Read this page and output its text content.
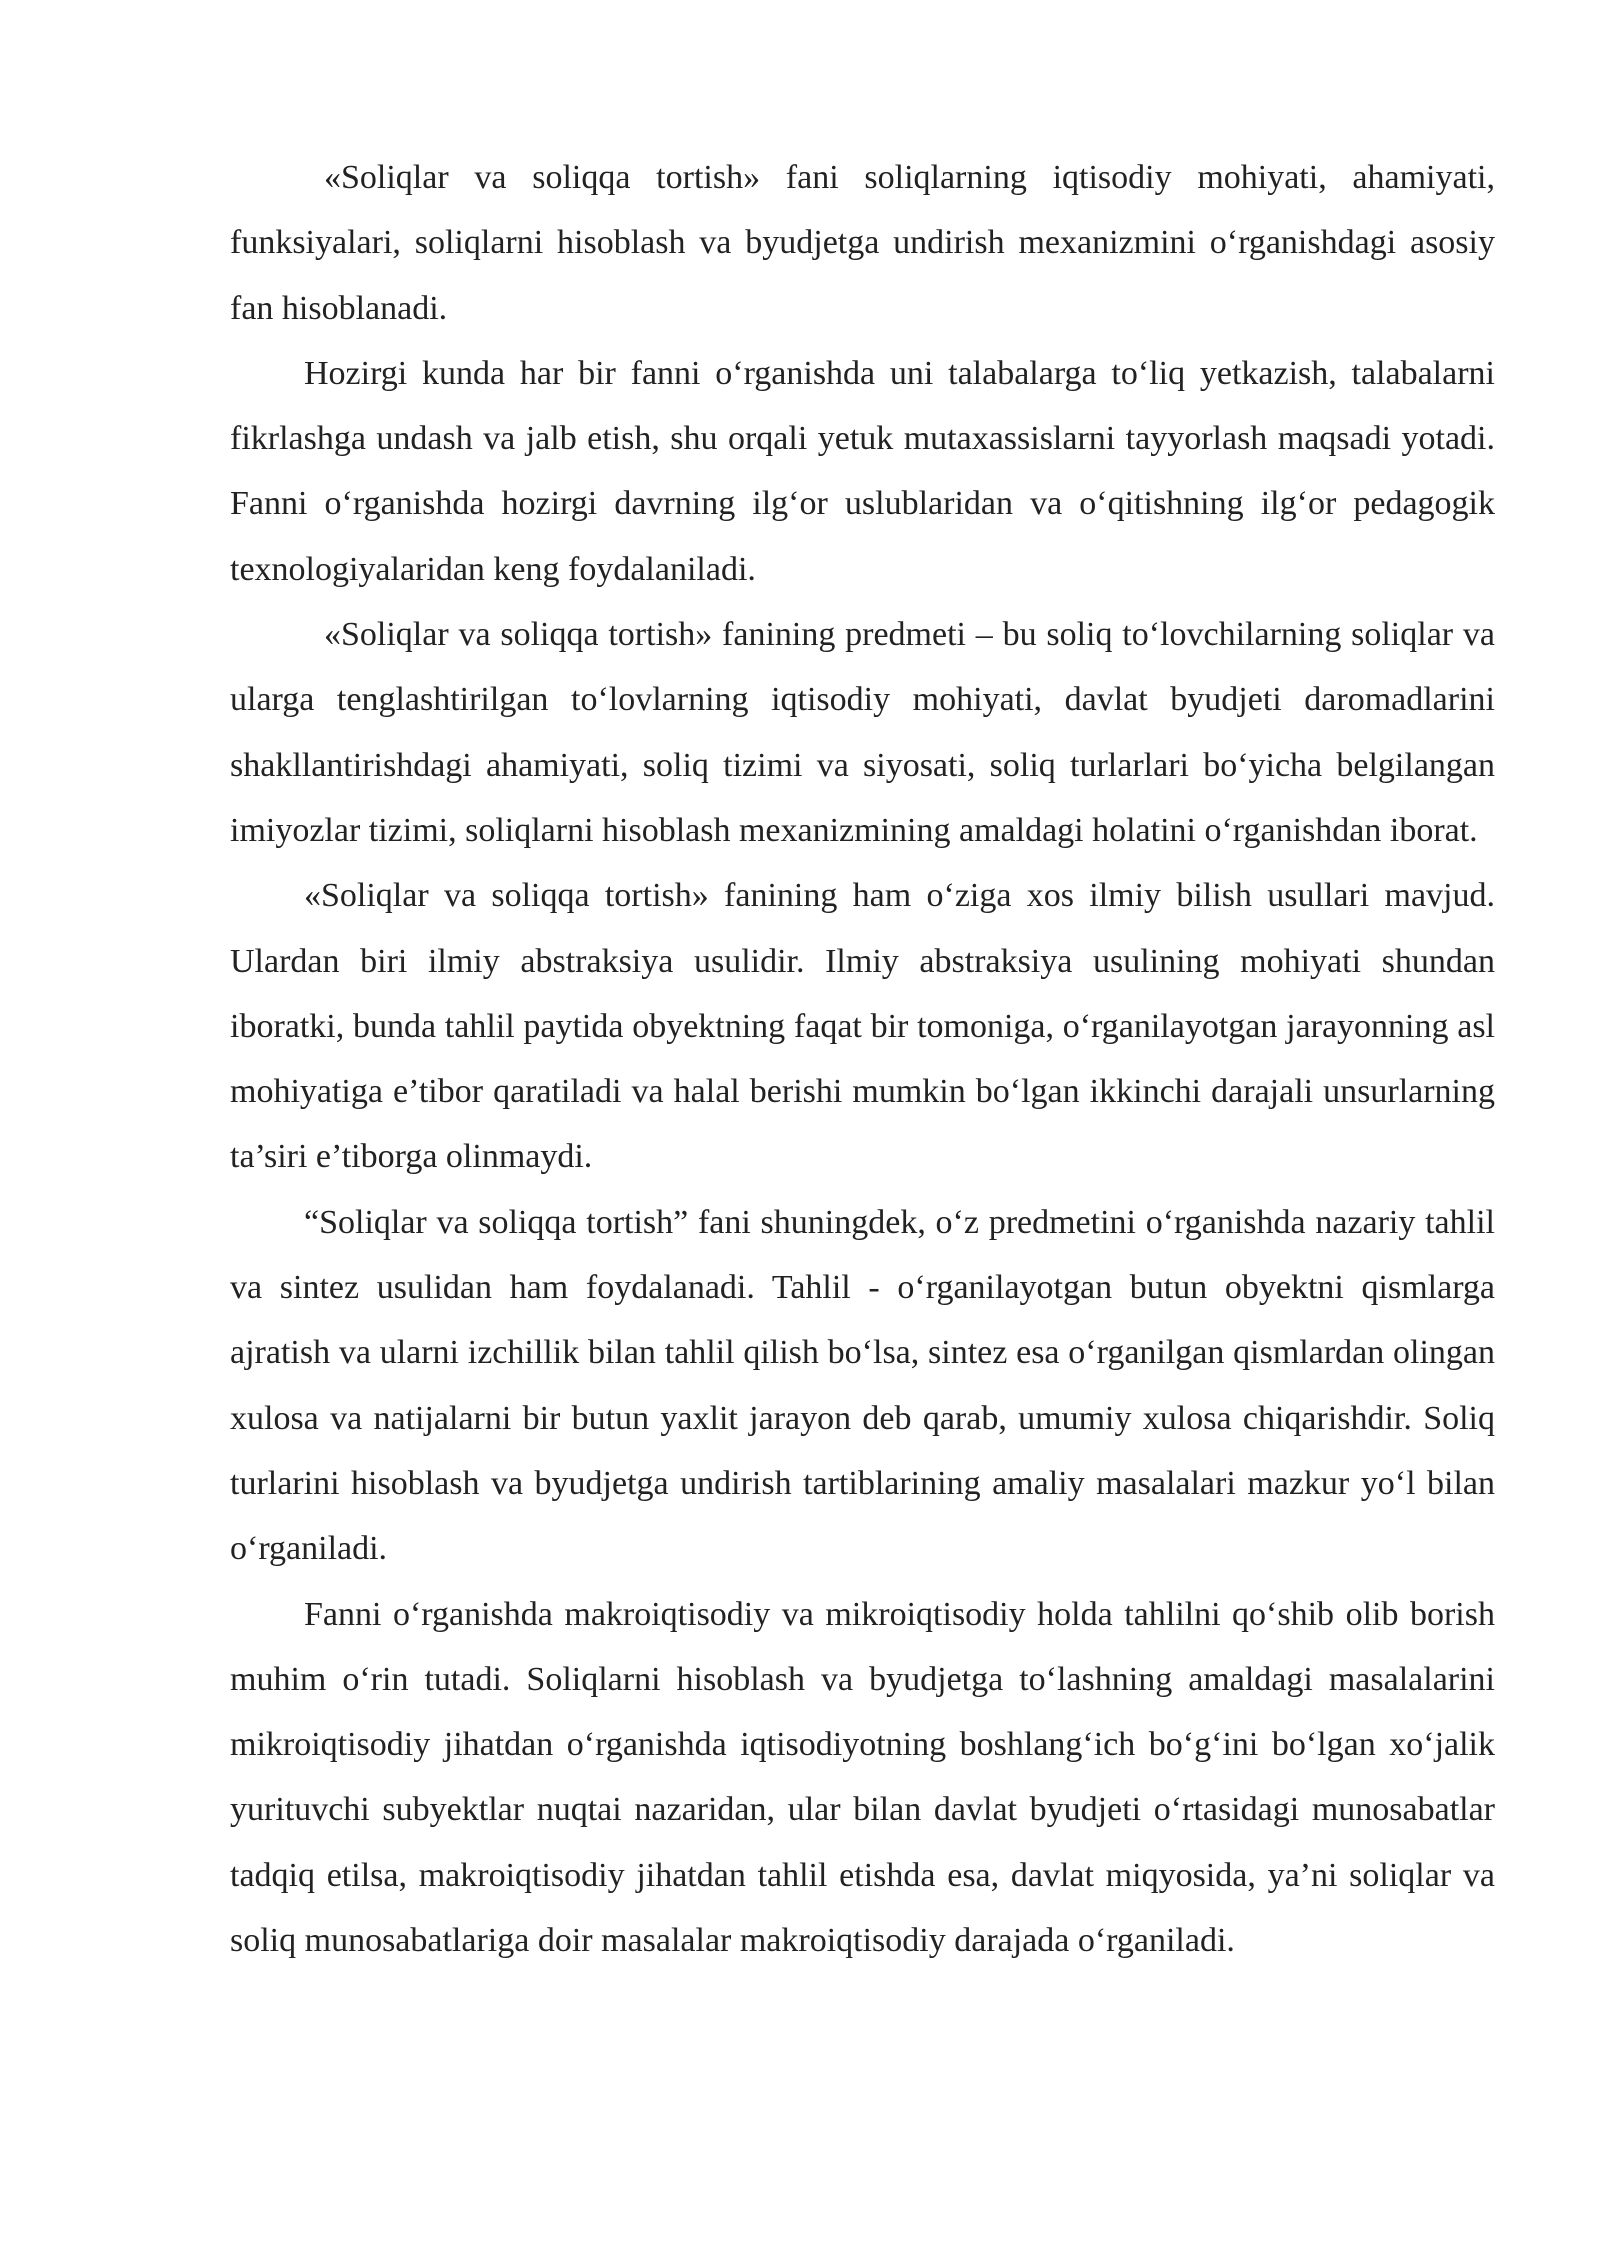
«Soliqlar va soliqqa tortish» fani soliqlarning iqtisodiy mohiyati, ahamiyati, funksiyalari, soliqlarni hisoblash va byudjetga undirish mexanizmini o‘rganishdagi asosiy fan hisoblanadi.

Hozirgi kunda har bir fanni o‘rganishda uni talabalarga to‘liq yetkazish, talabalarni fikrlashga undash va jalb etish, shu orqali yetuk mutaxassislarni tayyorlash maqsadi yotadi. Fanni o‘rganishda hozirgi davrning ilg‘or uslublaridan va o‘qitishning ilg‘or pedagogik texnologiyalaridan keng foydalaniladi.

«Soliqlar va soliqqa tortish» fanining predmeti – bu soliq to‘lovchilarning soliqlar va ularga tenglashtirilgan to‘lovlarning iqtisodiy mohiyati, davlat byudjeti daromadlarini shakllantirishdagi ahamiyati, soliq tizimi va siyosati, soliq turlarlari bo‘yicha belgilangan imiyozlar tizimi, soliqlarni hisoblash mexanizmining amaldagi holatini o‘rganishdan iborat.

«Soliqlar va soliqqa tortish» fanining ham o‘ziga xos ilmiy bilish usullari mavjud. Ulardan biri ilmiy abstraksiya usulidir. Ilmiy abstraksiya usulining mohiyati shundan iboratki, bunda tahlil paytida obyektning faqat bir tomoniga, o‘rganilayotgan jarayonning asl mohiyatiga e’tibor qaratiladi va halal berishi mumkin bo‘lgan ikkinchi darajali unsurlarning ta’siri e’tiborga olinmaydi.

“Soliqlar va soliqqa tortish” fani shuningdek, o‘z predmetini o‘rganishda nazariy tahlil va sintez usulidan ham foydalanadi. Tahlil - o‘rganilayotgan butun obyektni qismlarga ajratish va ularni izchillik bilan tahlil qilish bo‘lsa, sintez esa o‘rganilgan qismlardan olingan xulosa va natijalarni bir butun yaxlit jarayon deb qarab, umumiy xulosa chiqarishdir. Soliq turlarini hisoblash va byudjetga undirish tartiblarining amaliy masalalari mazkur yo‘l bilan o‘rganiladi.

Fanni o‘rganishda makroiqtisodiy va mikroiqtisodiy holda tahlilni qo‘shib olib borish muhim o‘rin tutadi. Soliqlarni hisoblash va byudjetga to‘lashning amaldagi masalalarini mikroiqtisodiy jihatdan o‘rganishda iqtisodiyotning boshlang‘ich bo‘g‘ini bo‘lgan xo‘jalik yurituvchi subyektlar nuqtai nazaridan, ular bilan davlat byudjeti o‘rtasidagi munosabatlar tadqiq etilsa, makroiqtisodiy jihatdan tahlil etishda esa, davlat miqyosida, ya’ni soliqlar va soliq munosabatlariga doir masalalar makroiqtisodiy darajada o‘rganiladi.
